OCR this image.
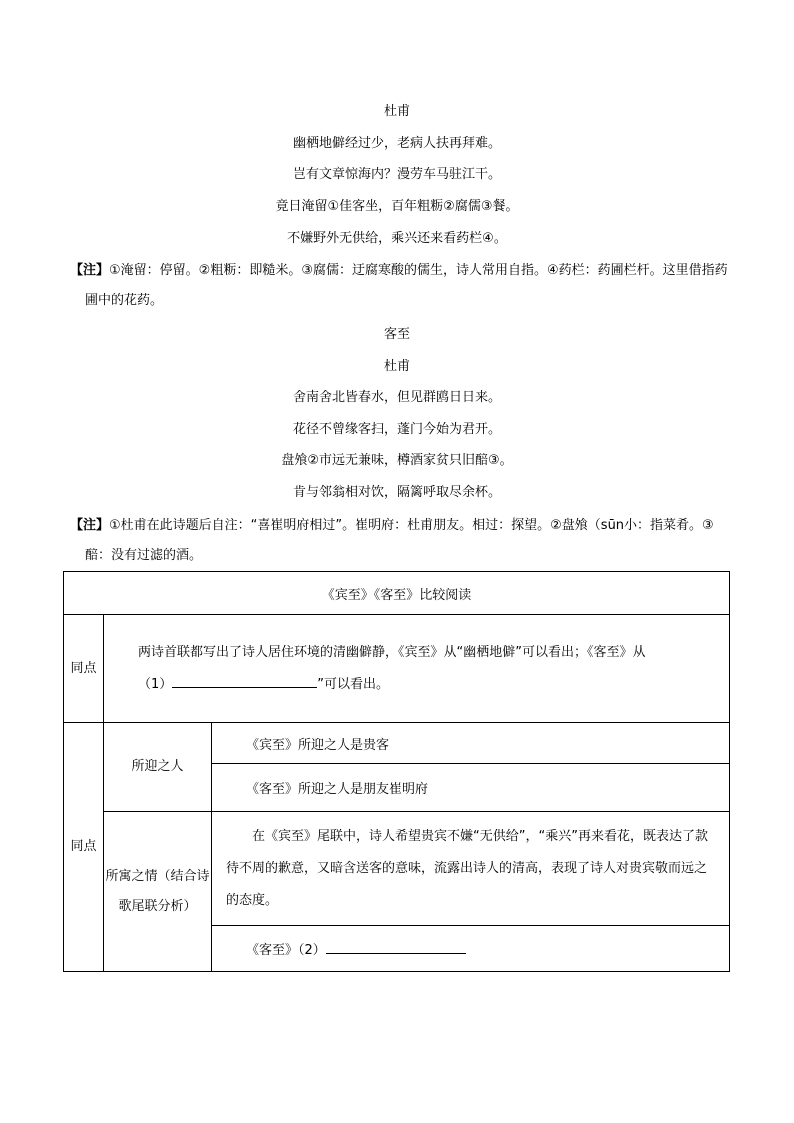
杜甫
幽栖地僻经过少，老病人扶再拜难。
岂有文章惊海内？漫劳车马驻江干。
竟日淹留①佳客坐，百年粗粝②腐儒③餐。
不嫌野外无供给，乘兴还来看药栏④。
【注】①淹留：停留。②粗粝：即糙米。③腐儒：迂腐寒酸的儒生，诗人常用自指。④药栏：药圃栏杆。这里借指药圃中的花药。
客至
杜甫
舍南舍北皆春水，但见群鸥日日来。
花径不曾缘客扫，蓬门今始为君开。
盘飧②市远无兼味，樽酒家贫只旧醅③。
肯与邻翁相对饮，隔篱呼取尽余杯。
【注】①杜甫在此诗题后自注：“喜崔明府相过”。崔明府：杜甫朋友。相过：探望。②盘飧（sūn小：指菜肴。③醅：没有过滤的酒。
《宾至》《客至》比较阅读		
同点	两诗首联都写出了诗人居住环境的清幽僻静，《宾至》从“幽栖地僻”可以看出；《客至》从
（1） ”可以看出。	
同点	所迎之人	《宾至》所迎之人是贵客
		《客至》所迎之人是朋友崔明府
	所寓之情（结合诗歌尾联分析）	在《宾至》尾联中，诗人希望贵宾不嫌“无供给”，“乘兴”再来看花，既表达了款待不周的歉意，又暗含送客的意味，流露出诗人的清高，表现了诗人对贵宾敬而远之的态度。
		《客至》（2）
